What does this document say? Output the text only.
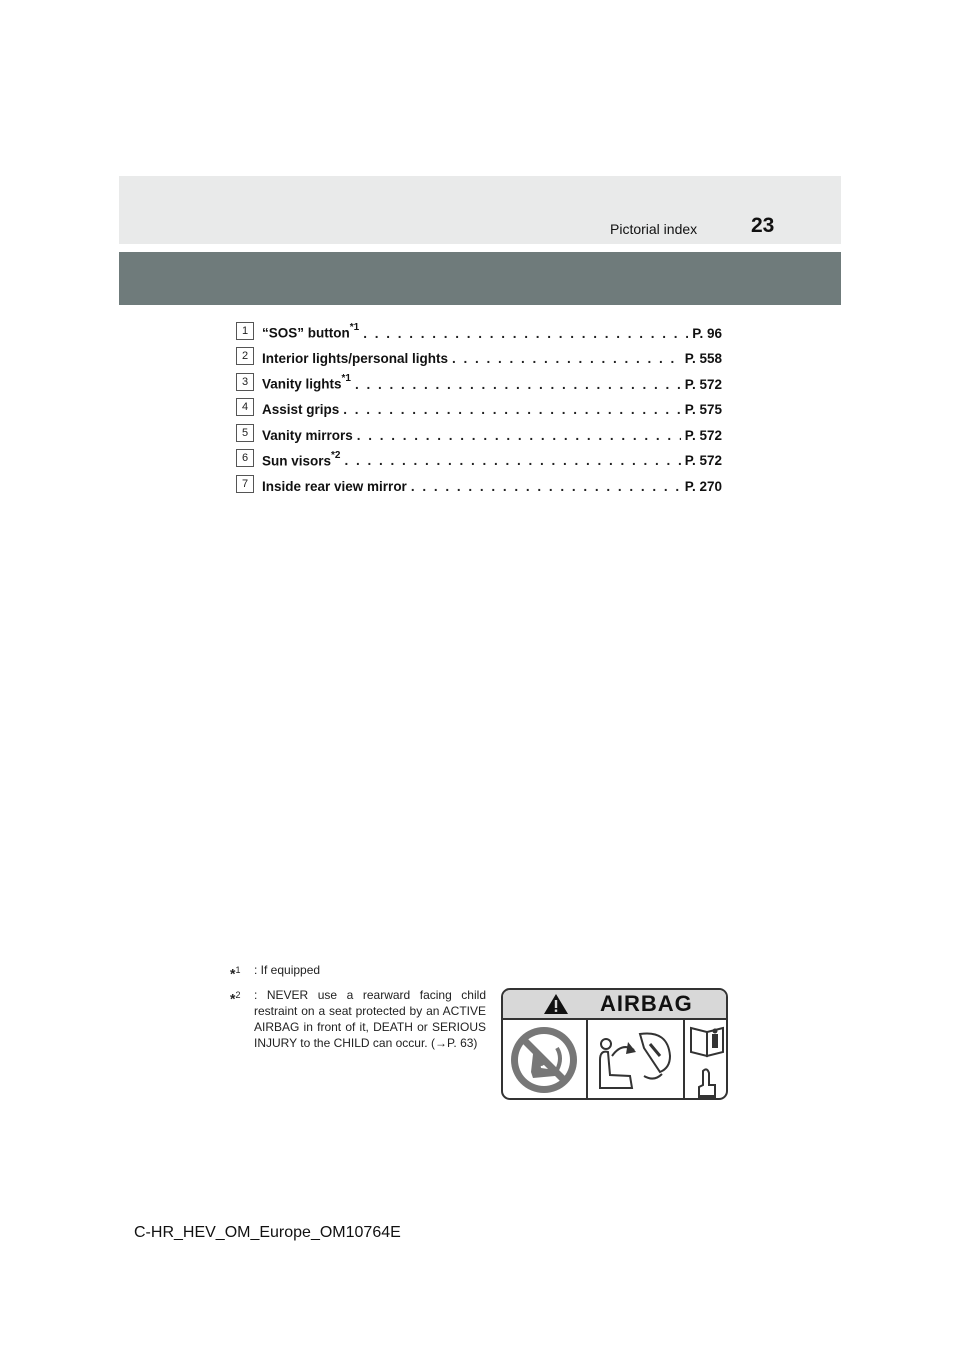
Pictorial index	23
1	“SOS” button$^{*1}$ . . .	P. 96
2	Interior lights/personal lights . . .	P. 558
3	Vanity lights$^{*1}$ . . .	P. 572
4	Assist grips . . .	P. 575
5	Vanity mirrors . . .	P. 572
6	Sun visors$^{*2}$ . . .	P. 572
7	Inside rear view mirror . . .	P. 270
*$^1$ : If equipped
*$^2$ : NEVER use a rearward facing child restraint on a seat protected by an ACTIVE AIRBAG in front of it, DEATH or SERIOUS INJURY to the CHILD can occur. (→P. 63)
AIRBAG

C-HR_HEV_OM_Europe_OM10764E
